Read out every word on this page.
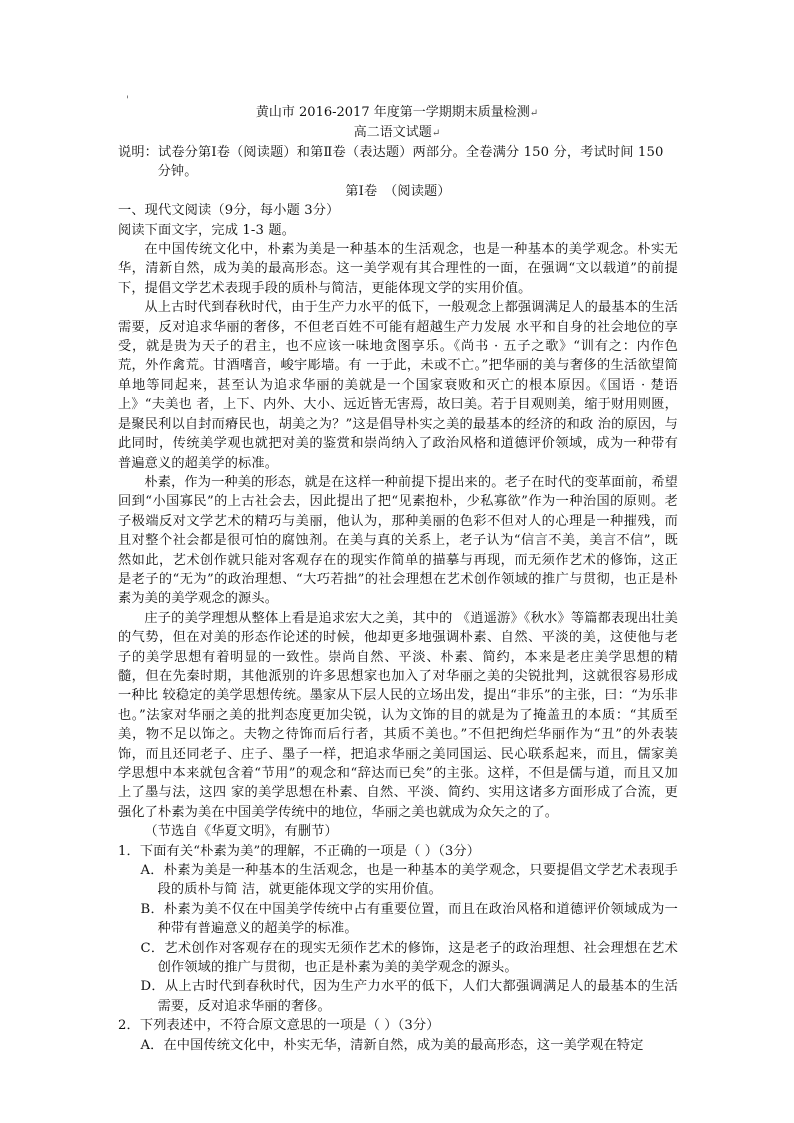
'
黄山市 2016-2017 年度第一学期期末质量检测↵
高二语文试题↵

说明：试卷分第Ⅰ卷（阅读题）和第Ⅱ卷（表达题）两部分。全卷满分 150 分，考试时间 150 分钟。

第Ⅰ卷　（阅读题）

一、现代文阅读（9分，每小题 3分）

阅读下面文字，完成 1-3 题。

在中国传统文化中，朴素为美是一种基本的生活观念，也是一种基本的美学观念。朴实无华，清新自然，成为美的最高形态。这一美学观有其合理性的一面，在强调“文以载道”的前提下，提倡文学艺术表现手段的质朴与简洁，更能体现文学的实用价值。

从上古时代到春秋时代，由于生产力水平的低下，一般观念上都强调满足人的最基本的生活需要，反对追求华丽的奢侈，不但老百姓不可能有超越生产力发展 水平和自身的社会地位的享受，就是贵为天子的君主，也不应该一味地贪图享乐。《尚书 · 五子之歌》“训有之：内作色荒，外作禽荒。甘酒嗜音，峻宇彫墙。有 一于此，未或不亡。”把华丽的美与奢侈的生活欲望简单地等同起来，甚至认为追求华丽的美就是一个国家衰败和灭亡的根本原因。《国语 · 楚语上》“夫美也 者，上下、内外、大小、远近皆无害焉，故曰美。若于目观则美，缩于财用则匮，是聚民利以自封而瘠民也，胡美之为？”这是倡导朴实之美的最基本的经济的和政 治的原因，与此同时，传统美学观也就把对美的鉴赏和崇尚纳入了政治风格和道德评价领域，成为一种带有普遍意义的超美学的标准。

朴素，作为一种美的形态，就是在这样一种前提下提出来的。老子在时代的变革面前，希望回到“小国寡民”的上古社会去，因此提出了把“见素抱朴，少私寡欲”作为一种治国的原则。老子极端反对文学艺术的精巧与美丽，他认为，那种美丽的色彩不但对人的心理是一种摧残，而且对整个社会都是很可怕的腐蚀剂。在美与真的关系上，老子认为“信言不美，美言不信”，既然如此，艺术创作就只能对客观存在的现实作简单的描摹与再现，而无须作艺术的修饰，这正是老子的“无为”的政治理想、“大巧若拙”的社会理想在艺术创作领域的推广与贯彻，也正是朴素为美的美学观念的源头。

庄子的美学理想从整体上看是追求宏大之美，其中的 《逍遥游》《秋水》等篇都表现出壮美的气势，但在对美的形态作论述的时候，他却更多地强调朴素、自然、平淡的美，这使他与老子的美学思想有着明显的一致性。崇尚自然、平淡、朴素、简约，本来是老庄美学思想的精髓，但在先秦时期，其他派别的许多思想家也加入了对华丽之美的尖锐批判，这就很容易形成一种比 较稳定的美学思想传统。墨家从下层人民的立场出发，提出“非乐”的主张，曰：“为乐非也。”法家对华丽之美的批判态度更加尖锐，认为文饰的目的就是为了掩盖丑的本质：“其质至美，物不足以饰之。夫物之待饰而后行者，其质不美也。”不但把绚烂华丽作为“丑”的外表装饰，而且还同老子、庄子、墨子一样，把追求华丽之美同国运、民心联系起来，而且，儒家美学思想中本来就包含着“节用”的观念和“辞达而已矣”的主张。这样，不但是儒与道，而且又加上了墨与法，这四 家的美学思想在朴素、自然、平淡、简约、实用这诸多方面形成了合流，更强化了朴素为美在中国美学传统中的地位，华丽之美也就成为众矢之的了。

（节选自《华夏文明》，有删节）

1．下面有关“朴素为美”的理解，不正确的一项是（ ）（3分）

A．朴素为美是一种基本的生活观念，也是一种基本的美学观念，只要提倡文学艺术表现手段的质朴与简 洁，就更能体现文学的实用价值。

B．朴素为美不仅在中国美学传统中占有重要位置，而且在政治风格和道德评价领域成为一种带有普遍意义的超美学的标准。

C．艺术创作对客观存在的现实无须作艺术的修饰，这是老子的政治理想、社会理想在艺术创作领域的推广与贯彻，也正是朴素为美的美学观念的源头。

D．从上古时代到春秋时代，因为生产力水平的低下，人们大都强调满足人的最基本的生活需要，反对追求华丽的奢侈。

2．下列表述中，不符合原文意思的一项是（ ）（3分）

A．在中国传统文化中，朴实无华，清新自然，成为美的最高形态，这一美学观在特定
